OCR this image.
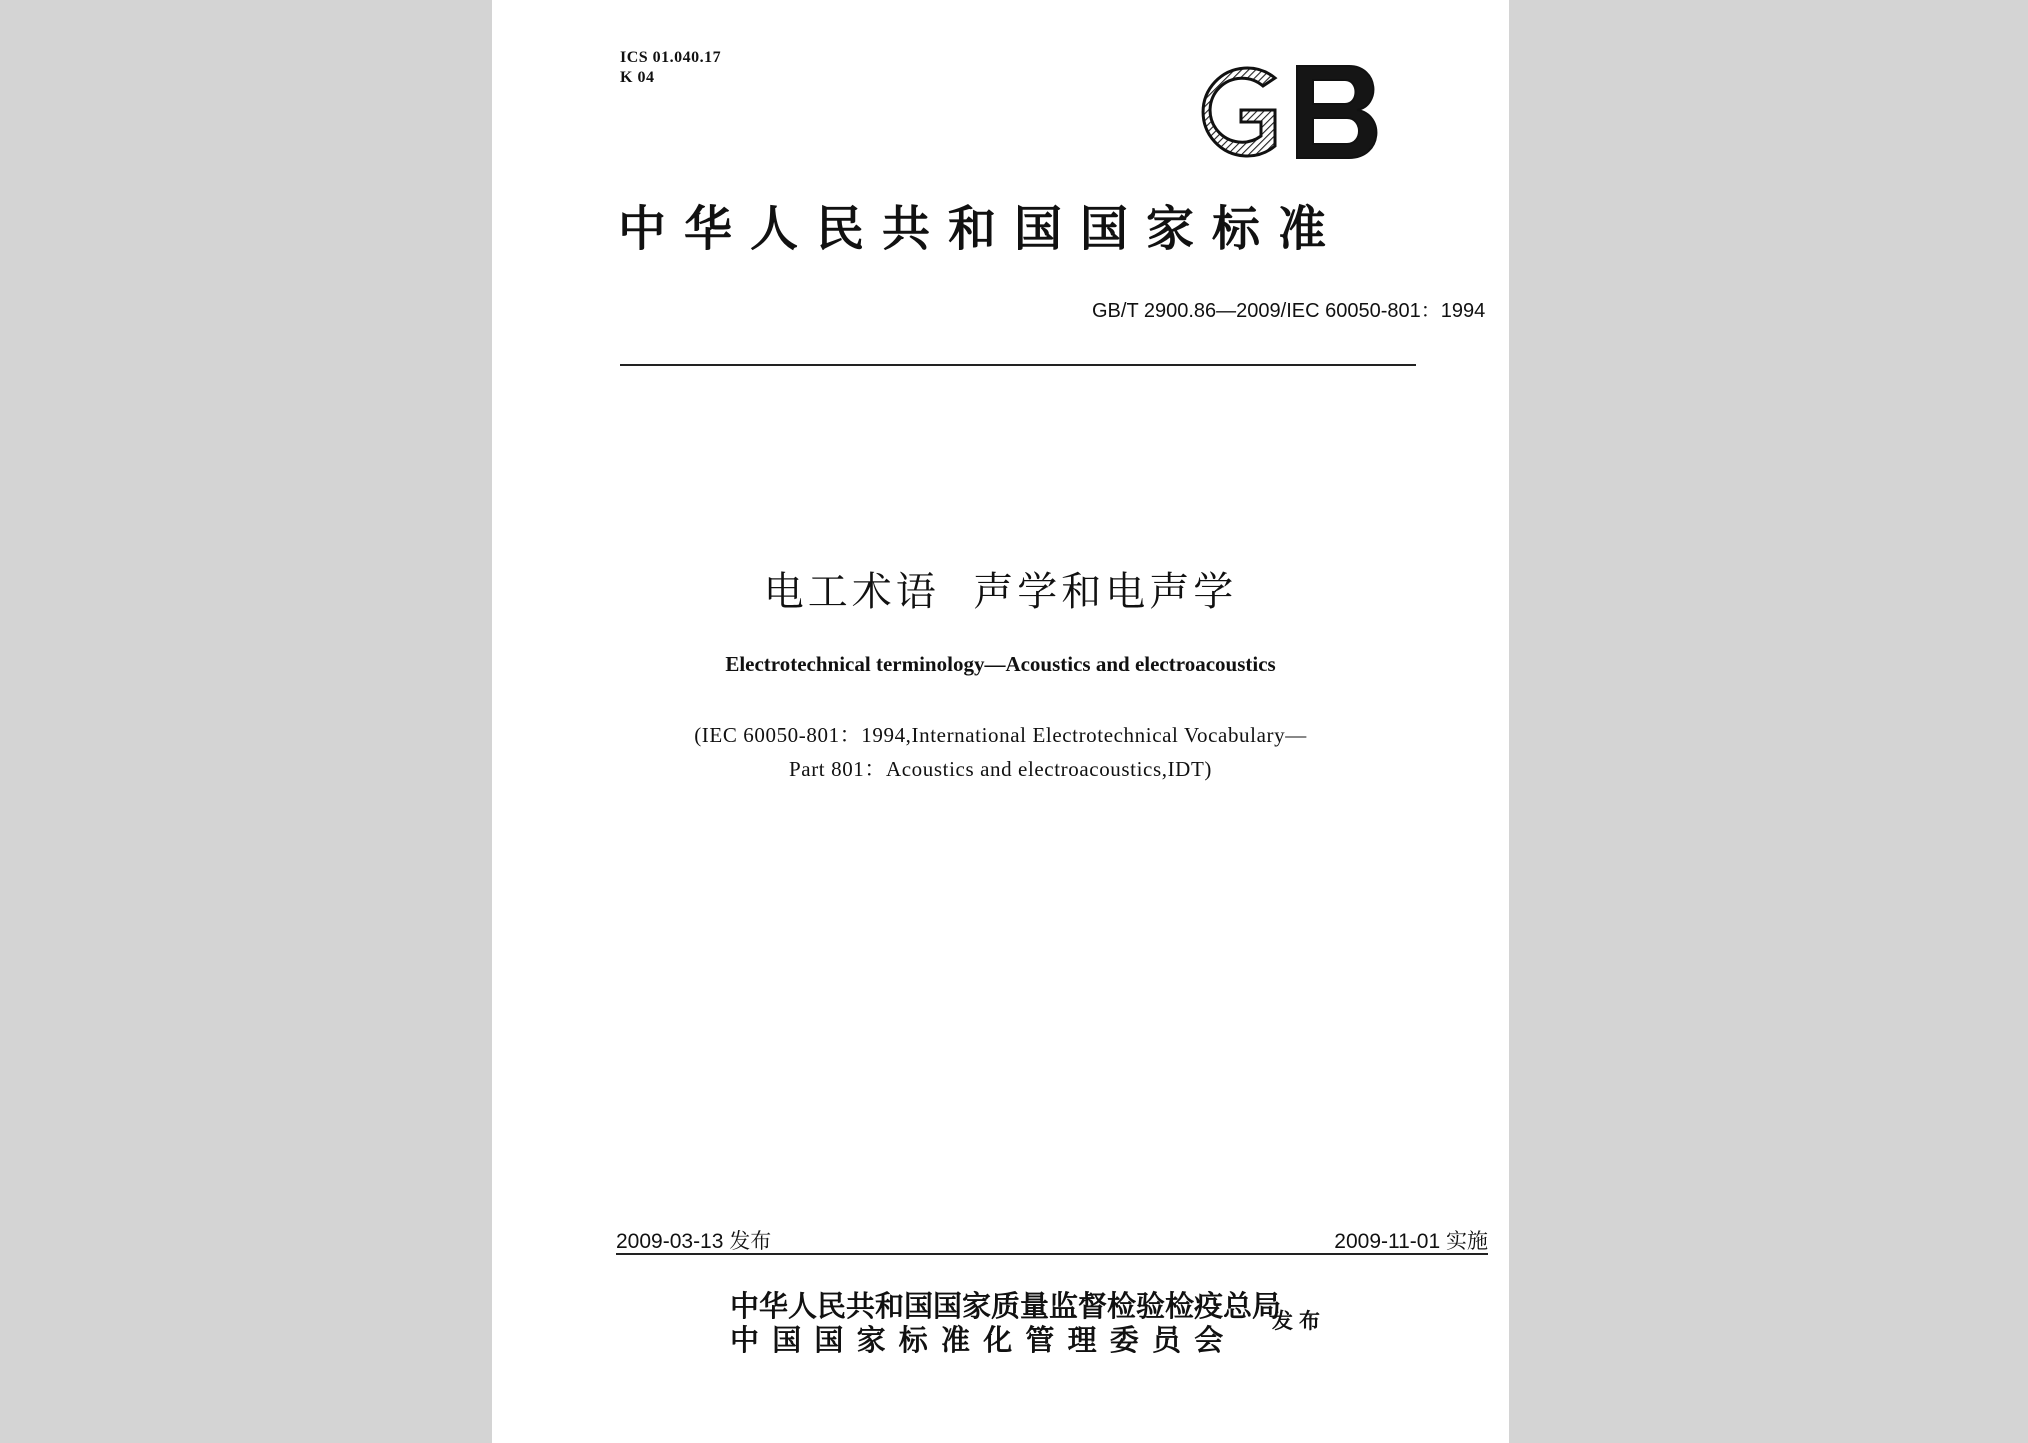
ICS 01.040.17
K 04
GB
中华人民共和国国家标准
GB/T 2900.86—2009/IEC 60050-801：1994
电工术语  声学和电声学
Electrotechnical terminology—Acoustics and electroacoustics
(IEC 60050-801：1994,International Electrotechnical Vocabulary—
Part 801：Acoustics and electroacoustics,IDT)
2009-03-13 发布	2009-11-01 实施
中华人民共和国国家质量监督检验检疫总局
中国国家标准化管理委员会
发布
